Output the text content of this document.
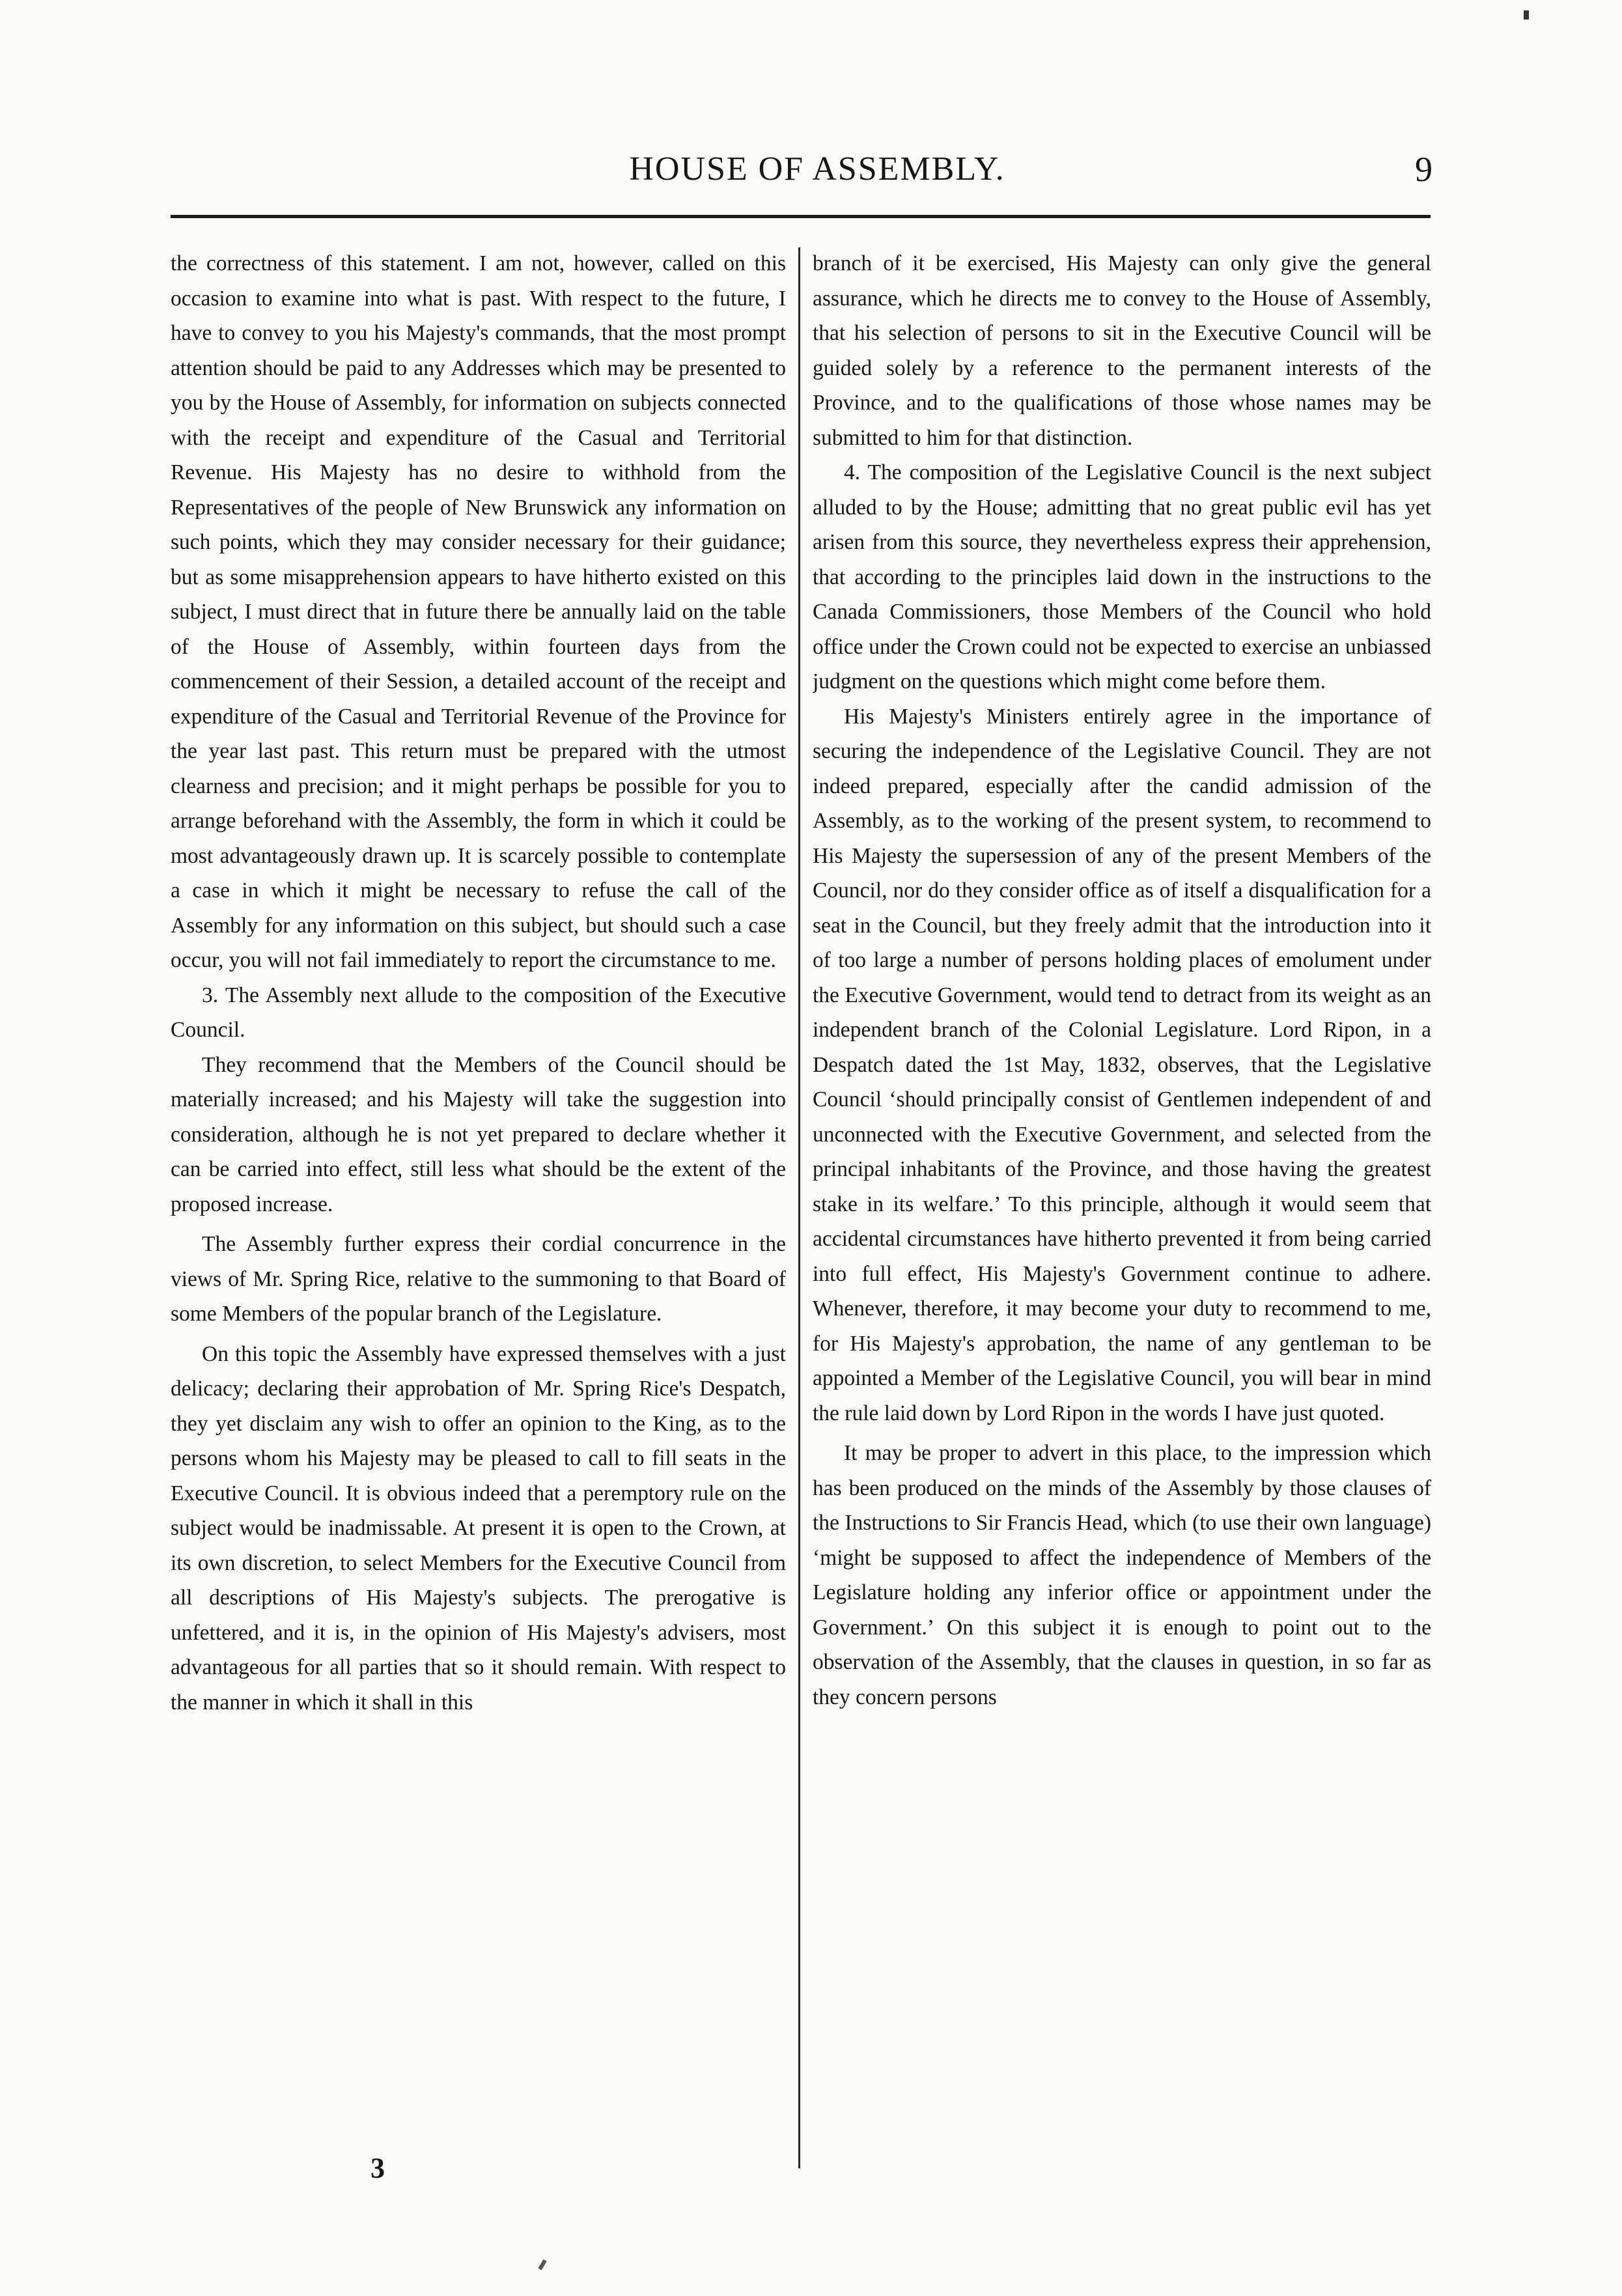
HOUSE OF ASSEMBLY.	9

the correctness of this statement. I am not, however, called on this occasion to examine into what is past. With respect to the future, I have to convey to you his Majesty's commands, that the most prompt attention should be paid to any Addresses which may be presented to you by the House of Assembly, for information on subjects connected with the receipt and expenditure of the Casual and Territorial Revenue. His Majesty has no desire to withhold from the Representatives of the people of New Brunswick any information on such points, which they may consider necessary for their guidance; but as some misapprehension appears to have hitherto existed on this subject, I must direct that in future there be annually laid on the table of the House of Assembly, within fourteen days from the commencement of their Session, a detailed account of the receipt and expenditure of the Casual and Territorial Revenue of the Province for the year last past. This return must be prepared with the utmost clearness and precision; and it might perhaps be possible for you to arrange beforehand with the Assembly, the form in which it could be most advantageously drawn up. It is scarcely possible to contemplate a case in which it might be necessary to refuse the call of the Assembly for any information on this subject, but should such a case occur, you will not fail immediately to report the circumstance to me.

3. The Assembly next allude to the composition of the Executive Council.

They recommend that the Members of the Council should be materially increased; and his Majesty will take the suggestion into consideration, although he is not yet prepared to declare whether it can be carried into effect, still less what should be the extent of the proposed increase.

The Assembly further express their cordial concurrence in the views of Mr. Spring Rice, relative to the summoning to that Board of some Members of the popular branch of the Legislature.

On this topic the Assembly have expressed themselves with a just delicacy; declaring their approbation of Mr. Spring Rice's Despatch, they yet disclaim any wish to offer an opinion to the King, as to the persons whom his Majesty may be pleased to call to fill seats in the Executive Council. It is obvious indeed that a peremptory rule on the subject would be inadmissable. At present it is open to the Crown, at its own discretion, to select Members for the Executive Council from all descriptions of His Majesty's subjects. The prerogative is unfettered, and it is, in the opinion of His Majesty's advisers, most advantageous for all parties that so it should remain. With respect to the manner in which it shall in this

branch of it be exercised, His Majesty can only give the general assurance, which he directs me to convey to the House of Assembly, that his selection of persons to sit in the Executive Council will be guided solely by a reference to the permanent interests of the Province, and to the qualifications of those whose names may be submitted to him for that distinction.

4. The composition of the Legislative Council is the next subject alluded to by the House; admitting that no great public evil has yet arisen from this source, they nevertheless express their apprehension, that according to the principles laid down in the instructions to the Canada Commissioners, those Members of the Council who hold office under the Crown could not be expected to exercise an unbiassed judgment on the questions which might come before them.

His Majesty's Ministers entirely agree in the importance of securing the independence of the Legislative Council. They are not indeed prepared, especially after the candid admission of the Assembly, as to the working of the present system, to recommend to His Majesty the supersession of any of the present Members of the Council, nor do they consider office as of itself a disqualification for a seat in the Council, but they freely admit that the introduction into it of too large a number of persons holding places of emolument under the Executive Government, would tend to detract from its weight as an independent branch of the Colonial Legislature. Lord Ripon, in a Despatch dated the 1st May, 1832, observes, that the Legislative Council ‘should principally consist of Gentlemen independent of and unconnected with the Executive Government, and selected from the principal inhabitants of the Province, and those having the greatest stake in its welfare.’ To this principle, although it would seem that accidental circumstances have hitherto prevented it from being carried into full effect, His Majesty's Government continue to adhere. Whenever, therefore, it may become your duty to recommend to me, for His Majesty's approbation, the name of any gentleman to be appointed a Member of the Legislative Council, you will bear in mind the rule laid down by Lord Ripon in the words I have just quoted.

It may be proper to advert in this place, to the impression which has been produced on the minds of the Assembly by those clauses of the Instructions to Sir Francis Head, which (to use their own language) ‘might be supposed to affect the independence of Members of the Legislature holding any inferior office or appointment under the Government.’ On this subject it is enough to point out to the observation of the Assembly, that the clauses in question, in so far as they concern persons

3
